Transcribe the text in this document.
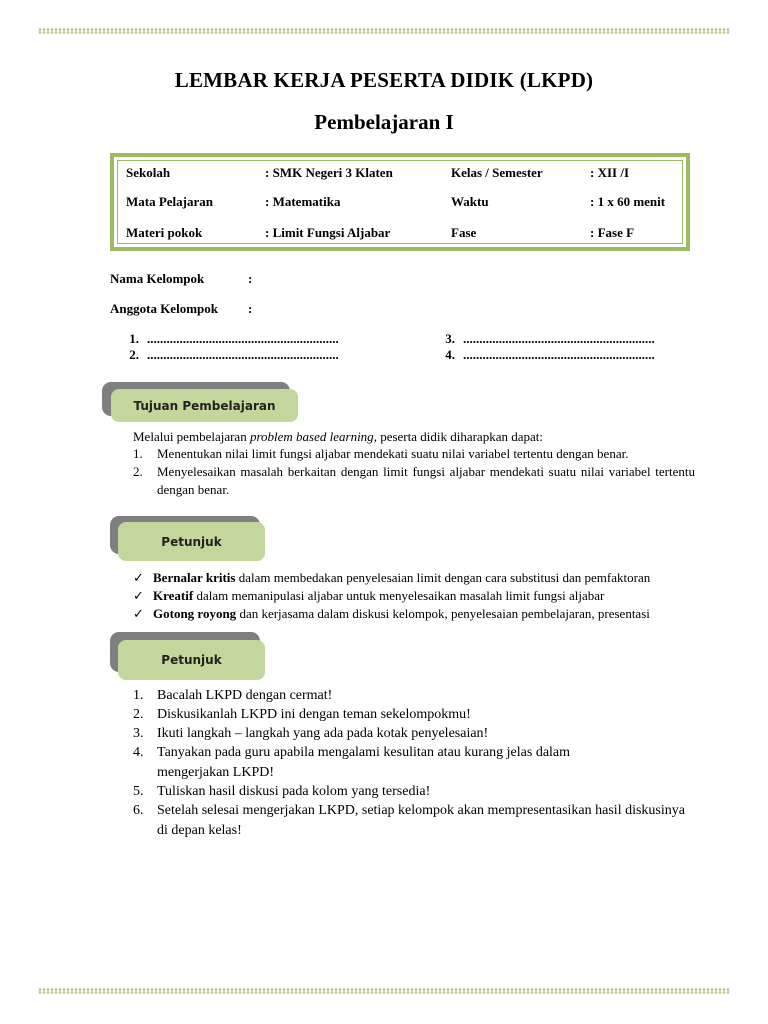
LEMBAR KERJA PESERTA DIDIK (LKPD)
Pembelajaran I
Sekolah	: SMK Negeri 3 Klaten	Kelas / Semester	: XII /I
Mata Pelajaran	: Matematika	Waktu	: 1 x 60 menit
Materi pokok	: Limit Fungsi Aljabar	Fase	: Fase F
Nama Kelompok	:
Anggota Kelompok :
1. ...........................................................
2. ...........................................................
3. ...........................................................
4. ...........................................................
Tujuan Pembelajaran
Melalui pembelajaran problem based learning, peserta didik diharapkan dapat:
1. Menentukan nilai limit fungsi aljabar mendekati suatu nilai variabel tertentu dengan benar.
2. Menyelesaikan masalah berkaitan dengan limit fungsi aljabar mendekati suatu nilai variabel tertentu dengan benar.
Petunjuk
✓ Bernalar kritis dalam membedakan penyelesaian limit dengan cara substitusi dan pemfaktoran
✓ Kreatif dalam memanipulasi aljabar untuk menyelesaikan masalah limit fungsi aljabar
✓ Gotong royong dan kerjasama dalam diskusi kelompok, penyelesaian pembelajaran, presentasi
Petunjuk
1. Bacalah LKPD dengan cermat!
2. Diskusikanlah LKPD ini dengan teman sekelompokmu!
3. Ikuti langkah – langkah yang ada pada kotak penyelesaian!
4. Tanyakan pada guru apabila mengalami kesulitan atau kurang jelas dalam mengerjakan LKPD!
5. Tuliskan hasil diskusi pada kolom yang tersedia!
6. Setelah selesai mengerjakan LKPD, setiap kelompok akan mempresentasikan hasil diskusinya di depan kelas!
